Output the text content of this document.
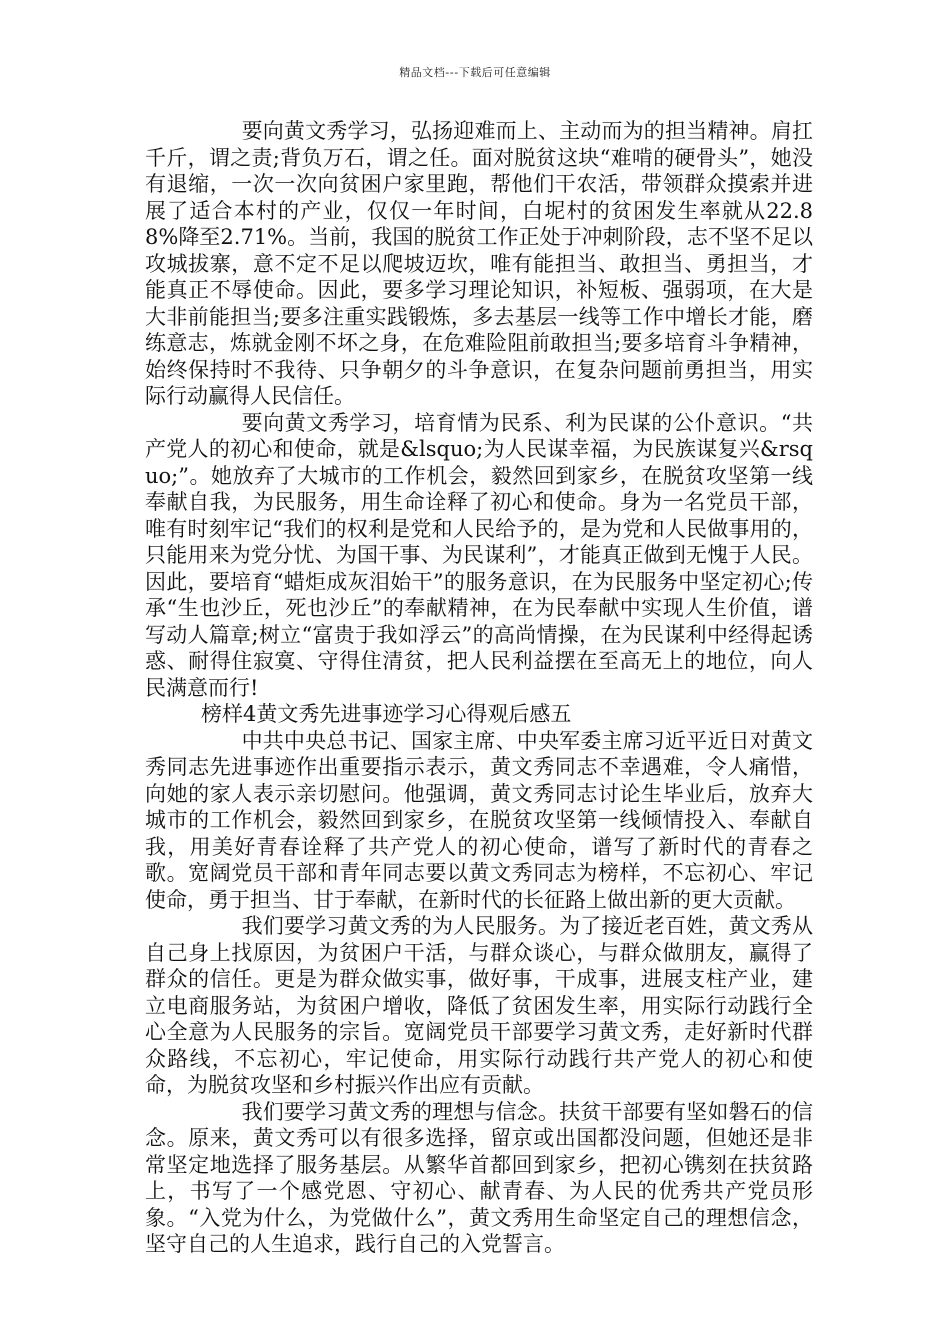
精品文档---下载后可任意编辑

要向黄文秀学习，弘扬迎难而上、主动而为的担当精神。肩扛千斤，谓之责;背负万石，谓之任。面对脱贫这块“难啃的硬骨头”，她没有退缩，一次一次向贫困户家里跑，帮他们干农活，带领群众摸索并进展了适合本村的产业，仅仅一年时间，白坭村的贫困发生率就从22.88%降至2.71%。当前，我国的脱贫工作正处于冲刺阶段，志不坚不足以攻城拔寨，意不定不足以爬坡迈坎，唯有能担当、敢担当、勇担当，才能真正不辱使命。因此，要多学习理论知识，补短板、强弱项，在大是大非前能担当;要多注重实践锻炼，多去基层一线等工作中增长才能，磨练意志，炼就金刚不坏之身，在危难险阻前敢担当;要多培育斗争精神，始终保持时不我待、只争朝夕的斗争意识，在复杂问题前勇担当，用实际行动赢得人民信任。

要向黄文秀学习，培育情为民系、利为民谋的公仆意识。“共产党人的初心和使命，就是&lsquo;为人民谋幸福，为民族谋复兴&rsquo;”。她放弃了大城市的工作机会，毅然回到家乡，在脱贫攻坚第一线奉献自我，为民服务，用生命诠释了初心和使命。身为一名党员干部，唯有时刻牢记“我们的权利是党和人民给予的，是为党和人民做事用的，只能用来为党分忧、为国干事、为民谋利”，才能真正做到无愧于人民。因此，要培育“蜡炬成灰泪始干”的服务意识，在为民服务中坚定初心;传承“生也沙丘，死也沙丘”的奉献精神，在为民奉献中实现人生价值，谱写动人篇章;树立“富贵于我如浮云”的高尚情操，在为民谋利中经得起诱惑、耐得住寂寞、守得住清贫，把人民利益摆在至高无上的地位，向人民满意而行!

榜样4黄文秀先进事迹学习心得观后感五

中共中央总书记、国家主席、中央军委主席习近平近日对黄文秀同志先进事迹作出重要指示表示，黄文秀同志不幸遇难，令人痛惜，向她的家人表示亲切慰问。他强调，黄文秀同志讨论生毕业后，放弃大城市的工作机会，毅然回到家乡，在脱贫攻坚第一线倾情投入、奉献自我，用美好青春诠释了共产党人的初心使命，谱写了新时代的青春之歌。宽阔党员干部和青年同志要以黄文秀同志为榜样，不忘初心、牢记使命，勇于担当、甘于奉献，在新时代的长征路上做出新的更大贡献。

我们要学习黄文秀的为人民服务。为了接近老百姓，黄文秀从自己身上找原因，为贫困户干活，与群众谈心，与群众做朋友，赢得了群众的信任。更是为群众做实事，做好事，干成事，进展支柱产业，建立电商服务站，为贫困户增收，降低了贫困发生率，用实际行动践行全心全意为人民服务的宗旨。宽阔党员干部要学习黄文秀，走好新时代群众路线，不忘初心，牢记使命，用实际行动践行共产党人的初心和使命，为脱贫攻坚和乡村振兴作出应有贡献。

我们要学习黄文秀的理想与信念。扶贫干部要有坚如磐石的信念。原来，黄文秀可以有很多选择，留京或出国都没问题，但她还是非常坚定地选择了服务基层。从繁华首都回到家乡，把初心镌刻在扶贫路上，书写了一个感党恩、守初心、献青春、为人民的优秀共产党员形象。“入党为什么，为党做什么”，黄文秀用生命坚定自己的理想信念，坚守自己的人生追求，践行自己的入党誓言。
